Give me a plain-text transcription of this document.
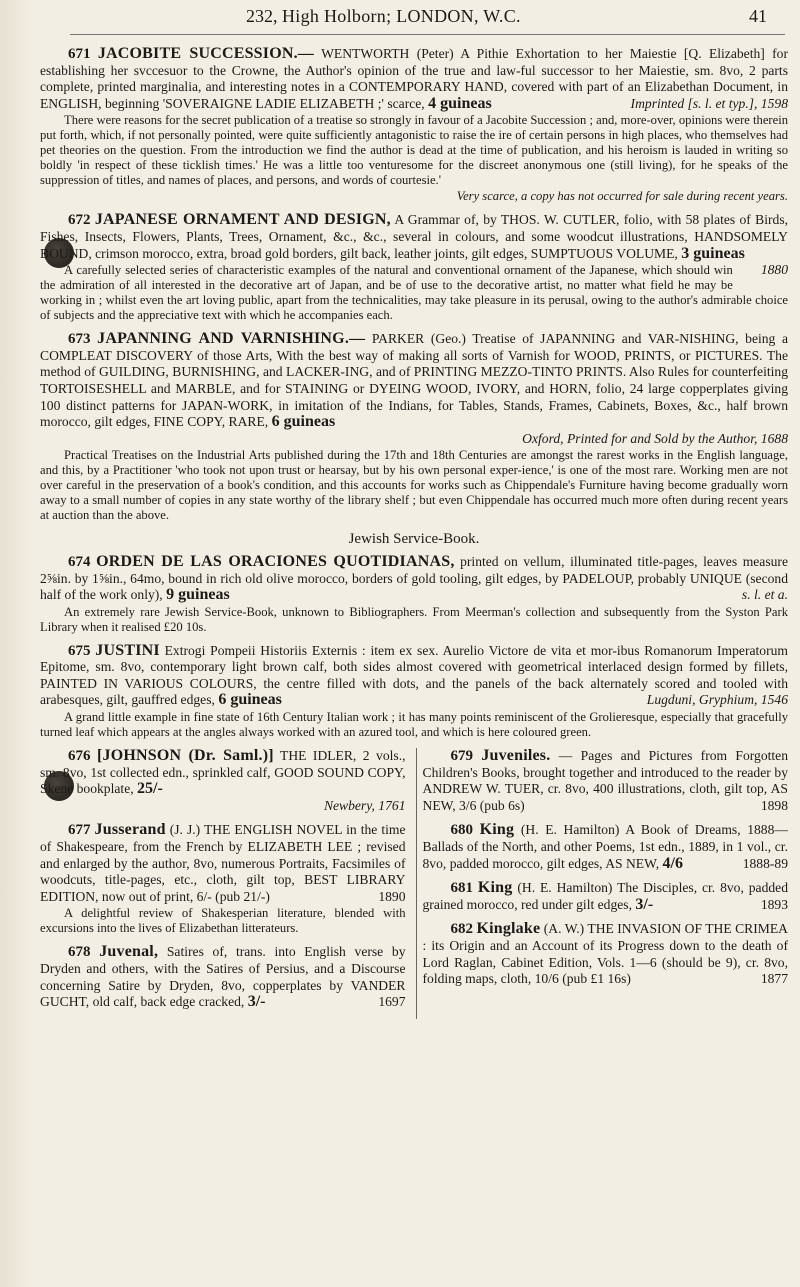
232, High Holborn; LONDON, W.C.	41

671 JACOBITE SUCCESSION.— WENTWORTH (Peter) A Pithie Exhortation to her Maiestie [Q. Elizabeth] for establishing her svccesuor to the Crowne, the Author's opinion of the true and law-ful successor to her Maiestie, sm. 8vo, 2 parts complete, printed marginalia, and interesting notes in a CONTEMPORARY HAND, covered with part of an Elizabethan Document, in ENGLISH, beginning 'SOVERAIGNE LADIE ELIZABETH ;' scarce, 4 guineas	Imprinted [s. l. et typ.], 1598

There were reasons for the secret publication of a treatise so strongly in favour of a Jacobite Succession ; and, more-over, opinions were therein put forth, which, if not personally pointed, were quite sufficiently antagonistic to raise the ire of certain persons in high places, who themselves had pet theories on the question. From the introduction we find the author is dead at the time of publication, and his heroism is lauded in writing so boldly 'in respect of these ticklish times.' He was a little too venturesome for the discreet anonymous one (still living), for he speaks of the suppression of titles, and names of places, and persons, and words of courtesie.'

Very scarce, a copy has not occurred for sale during recent years.

672 JAPANESE ORNAMENT AND DESIGN, A Grammar of, by THOS. W. CUTLER, folio, with 58 plates of Birds, Fishes, Insects, Flowers, Plants, Trees, Ornament, &c., &c., several in colours, and some woodcut illustrations, HANDSOMELY BOUND, crimson morocco, extra, broad gold borders, gilt back, leather joints, gilt edges, SUMPTUOUS VOLUME, 3 guineas
1880

A carefully selected series of characteristic examples of the natural and conventional ornament of the Japanese, which should win the admiration of all interested in the decorative art of Japan, and be of use to the decorative artist, no matter what field he may be working in ; whilst even the art loving public, apart from the technicalities, may take pleasure in its perusal, owing to the author's admirable choice of subjects and the appreciative text with which he accompanies each.

673 JAPANNING AND VARNISHING.— PARKER (Geo.) Treatise of JAPANNING and VAR-NISHING, being a COMPLEAT DISCOVERY of those Arts, With the best way of making all sorts of Varnish for WOOD, PRINTS, or PICTURES. The method of GUILDING, BURNISHING, and LACKER-ING, and of PRINTING MEZZO-TINTO PRINTS. Also Rules for counterfeiting TORTOISESHELL and MARBLE, and for STAINING or DYEING WOOD, IVORY, and HORN, folio, 24 large copperplates giving 100 distinct patterns for JAPAN-WORK, in imitation of the Indians, for Tables, Stands, Frames, Cabinets, Boxes, &c., half brown morocco, gilt edges, FINE COPY, RARE, 6 guineas

Oxford, Printed for and Sold by the Author, 1688

Practical Treatises on the Industrial Arts published during the 17th and 18th Centuries are amongst the rarest works in the English language, and this, by a Practitioner 'who took not upon trust or hearsay, but by his own personal exper-ience,' is one of the most rare. Working men are not over careful in the preservation of a book's condition, and this accounts for works such as Chippendale's Furniture having become gradually worn away to a small number of copies in any state worthy of the library shelf ; but even Chippendale has occurred much more often during recent years at auction than the above.

Jewish Service-Book.

674 ORDEN DE LAS ORACIONES QUOTIDIANAS, printed on vellum, illuminated title-pages, leaves measure 2⅝in. by 1⅝in., 64mo, bound in rich old olive morocco, borders of gold tooling, gilt edges, by PADELOUP, probably UNIQUE (second half of the work only), 9 guineas	s. l. et a.

An extremely rare Jewish Service-Book, unknown to Bibliographers. From Meerman's collection and subsequently from the Syston Park Library when it realised £20 10s.

675 JUSTINI Extrogi Pompeii Historiis Externis : item ex sex. Aurelio Victore de vita et mor-ibus Romanorum Imperatorum Epitome, sm. 8vo, contemporary light brown calf, both sides almost covered with geometrical interlaced design formed by fillets, PAINTED IN VARIOUS COLOURS, the centre filled with dots, and the panels of the back alternately scored and tooled with arabesques, gilt, gauffred edges, 6 guineas	Lugduni, Gryphium, 1546

A grand little example in fine state of 16th Century Italian work ; it has many points reminiscent of the Grolieresque, especially that gracefully turned leaf which appears at the angles always worked with an azured tool, and which is here coloured green.

676 [JOHNSON (Dr. Saml.)] THE IDLER, 2 vols., sm. 8vo, 1st collected edn., sprinkled calf, GOOD SOUND COPY, Skene bookplate, 25/-

Newbery, 1761

677 Jusserand (J. J.) THE ENGLISH NOVEL in the time of Shakespeare, from the French by ELIZABETH LEE ; revised and enlarged by the author, 8vo, numerous Portraits, Facsimiles of woodcuts, title-pages, etc., cloth, gilt top, BEST LIBRARY EDITION, now out of print, 6/- (pub 21/-)	1890

A delightful review of Shakesperian literature, blended with excursions into the lives of Elizabethan litterateurs.

678 Juvenal, Satires of, trans. into English verse by Dryden and others, with the Satires of Persius, and a Discourse concerning Satire by Dryden, 8vo, copperplates by VANDER GUCHT, old calf, back edge cracked, 3/-	1697

679 Juveniles. — Pages and Pictures from Forgotten Children's Books, brought together and introduced to the reader by ANDREW W. TUER, cr. 8vo, 400 illustrations, cloth, gilt top, AS NEW, 3/6 (pub 6s)	1898

680 King (H. E. Hamilton) A Book of Dreams, 1888—Ballads of the North, and other Poems, 1st edn., 1889, in 1 vol., cr. 8vo, padded morocco, gilt edges, AS NEW, 4/6	1888-89

681 King (H. E. Hamilton) The Disciples, cr. 8vo, padded grained morocco, red under gilt edges, 3/-	1893

682 Kinglake (A. W.) THE INVASION OF THE CRIMEA : its Origin and an Account of its Progress down to the death of Lord Raglan, Cabinet Edition, Vols. 1—6 (should be 9), cr. 8vo, folding maps, cloth, 10/6 (pub £1 16s)	1877
